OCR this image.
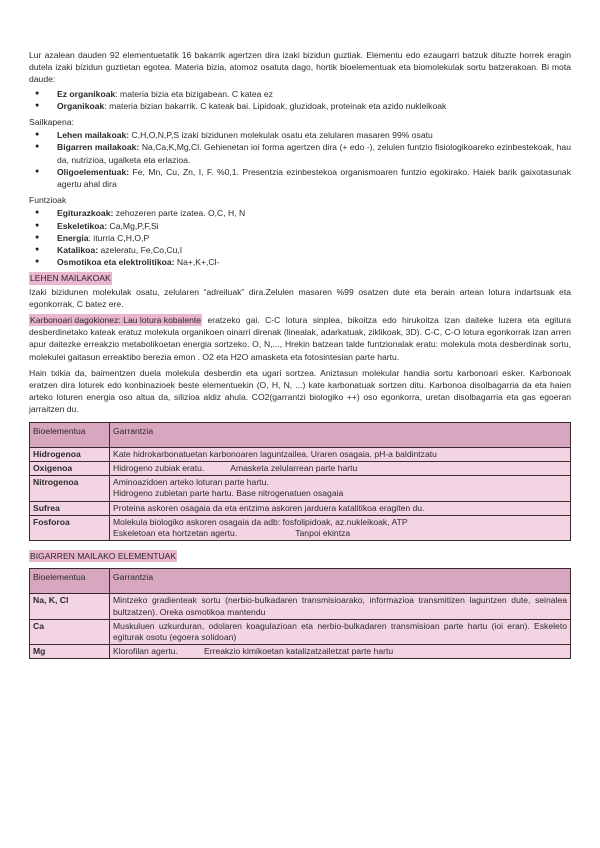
Lur azalean dauden 92 elementuetatik 16 bakarrik agertzen dira izaki bizidun guztiak. Elementu edo ezaugarri batzuk dituzte horrek eragin dutela izaki bizidun guztietan egotea. Materia bizia, atomoz osatuta dago, hortik bioelementuak eta biomolekulak sortu batzerakoan. Bi mota daude:

● Ez organikoak: materia bizia eta bizigabean. C katea ez
● Organikoak: materia bizian bakarrik. C kateak bai. Lipidoak, gluzidoak, proteinak eta azido nukleikoak

Sailkapena:

● Lehen mailakoak: C,H,O,N,P,S izaki bizidunen molekulak osatu eta zelularen masaren 99% osatu
● Bigarren mailakoak: Na,Ca,K,Mg,Cl. Gehienetan ioi forma agertzen dira (+ edo -), zelulen funtzio fisiologikoareko ezinbestekoak, hau da, nutrizioa, ugalketa eta erlazioa.
● Oligoelementuak: Fe, Mn, Cu, Zn, I, F. %0,1. Presentzia ezinbestekoa organismoaren funtzio egokirako. Haiek barik gaixotasunak agertu ahal dira

Funtzioak

● Egiturazkoak: zehozeren parte izatea. O,C, H, N
● Eskeletikoa: Ca,Mg,P,F,Si
● Energia: iturria C,H,O,P
● Katalikoa: azeleratu, Fe,Co,Cu,I
● Osmotikoa eta elektrolitikoa: Na+,K+,Cl-

LEHEN MAILAKOAK

Izaki bizidunen molekulak osatu, zelularen “adreiluak” dira.Zelulen masaren %99 osatzen dute eta berain artean lotura indartsuak eta egonkorrak, C batez ere.

Karbonoari dagokionez: Lau lotura kobalente eratzeko gai. C-C lotura sinplea, bikoitza edo hirukoitza izan daiteke luzera eta egitura desberdinetako kateak eratuz molekula organikoen oinarri direnak (linealak, adarkatuak, ziklikoak, 3D). C-C, C-O lotura egonkorrak izan arren apur daitezke erreakzio metabolikoetan energia sortzeko. O, N,..., Hrekin batzean talde funtzionalak eratu: molekula mota desberdinak sortu, molekulei gaitasun erreaktibo berezia emon . O2 eta H2O amasketa eta fotosintesian parte hartu.

Hain txikia da, baimentzen duela molekula desberdin eta ugari sortzea. Aniztasun molekular handia sortu karbonoari esker. Karbonoak eratzen dira loturek edo konbinazioek beste elementuekin (O, H, N, ...) kate karbonatuak sortzen ditu. Karbonoa disolbagarria da eta haien arteko loturen energia oso altua da, silizioa aldiz ahula. CO2(garrantzi biologiko ++) oso egonkorra, uretan disolbagarria eta gas egoeran jarraitzen du.

Bioelementua	Garrantzia
Hidrogenoa	Kate hidrokarbonatuetan karbonoaren laguntzailea. Uraren osagaia. pH-a baldintzatu
Oxigenoa	Hidrogeno zubiak eratu. Amasketa zelularrean parte hartu
Nitrogenoa	Aminoazidoen arteko loturan parte hartu.
Hidrogeno zubietan parte hartu. Base nitrogenatuen osagaia

Sufrea	Proteina askoren osagaia da eta entzima askoren jarduera katalitikoa eragiten du.
Fosforoa	Molekula biologiko askoren osagaia da adb: fosfolipidoak, az.nukleikoak, ATP
Eskeletoan eta hortzetan agertu. Tanpoi ekintza

BIGARREN MAILAKO ELEMENTUAK

Bioelementua	Garrantzia
Na, K, Cl	Mintzeko gradienteak sortu (nerbio-bulkadaren transmisioarako, informazioa transmitizen laguntzen dute, seinalea bultzatzen). Oreka osmotikoa mantendu
Ca	Muskuluen uzkurduran, odolaren koagulazioan eta nerbio-bulkadaren transmisioan parte hartu (ioi eran). Eskeleto egiturak osotu (egoera solidoan)
Mg	Klorofilan agertu. Erreakzio kimikoetan katalizatzailetzat parte hartu
